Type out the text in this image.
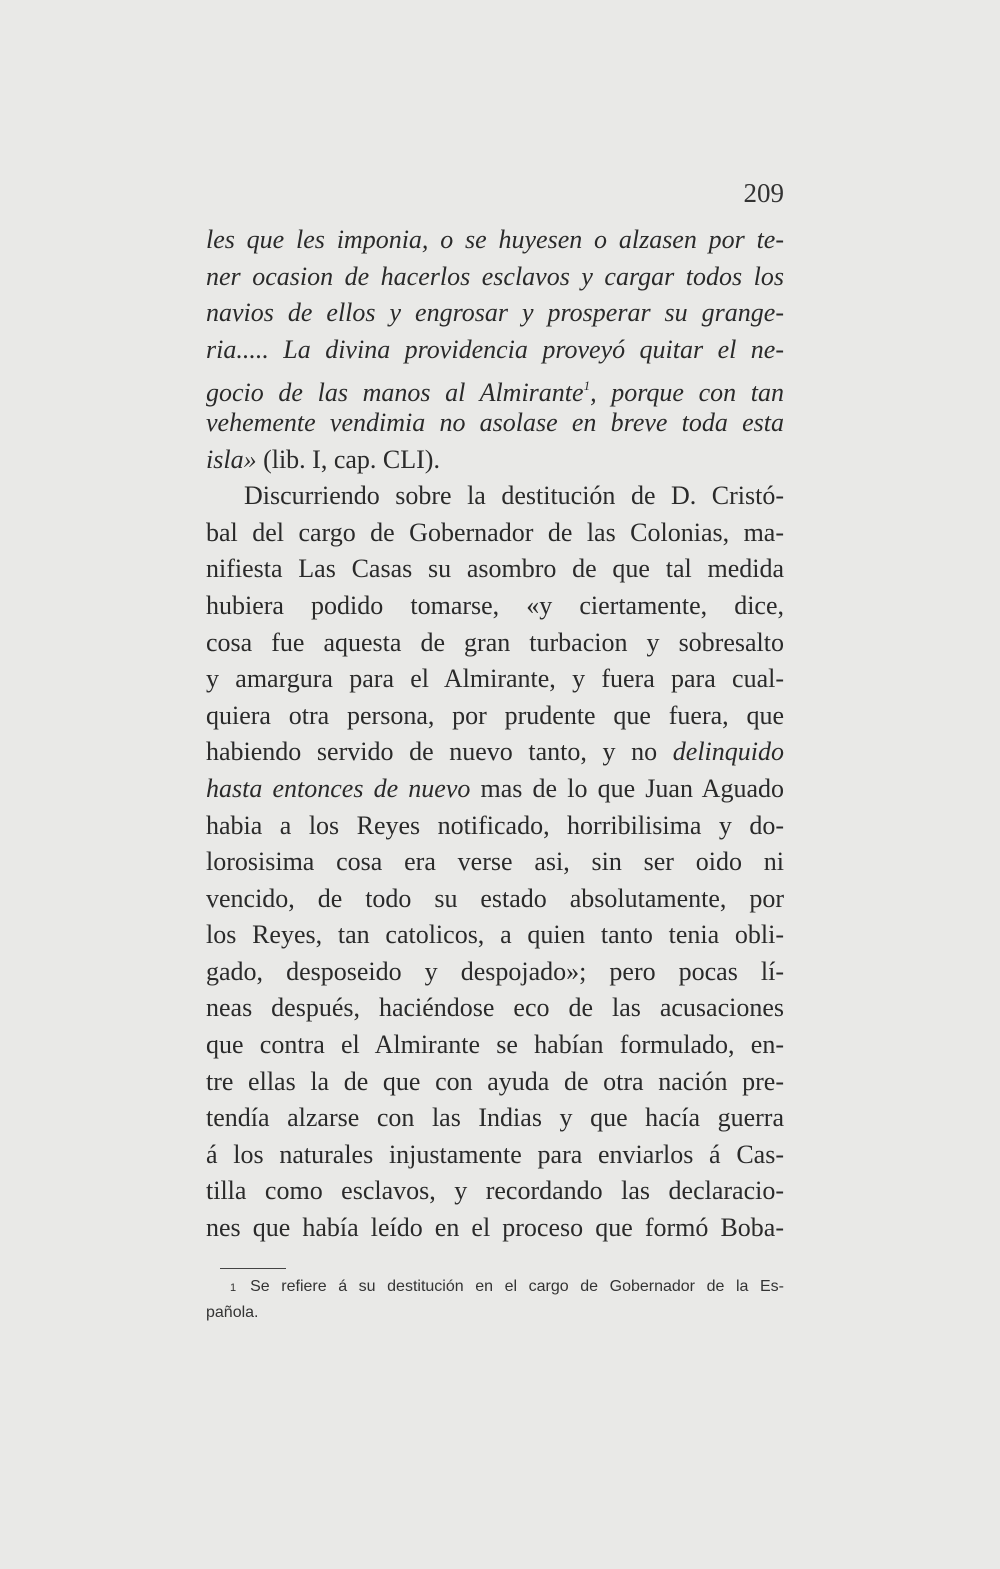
209
les que les imponia, o se huyesen o alzasen por te-
ner ocasion de hacerlos esclavos y cargar todos los
navios de ellos y engrosar y prosperar su grange-
ria..... La divina providencia proveyó quitar el ne-
gocio de las manos al Almirante$^1$, porque con tan
vehemente vendimia no asolase en breve toda esta
isla» (lib. I, cap. CLI).
Discurriendo sobre la destitución de D. Cristó-
bal del cargo de Gobernador de las Colonias, ma-
nifiesta Las Casas su asombro de que tal medida
hubiera podido tomarse, «y ciertamente, dice,
cosa fue aquesta de gran turbacion y sobresalto
y amargura para el Almirante, y fuera para cual-
quiera otra persona, por prudente que fuera, que
habiendo servido de nuevo tanto, y no delinquido
hasta entonces de nuevo mas de lo que Juan Aguado
habia a los Reyes notificado, horribilisima y do-
lorosisima cosa era verse asi, sin ser oido ni
vencido, de todo su estado absolutamente, por
los Reyes, tan catolicos, a quien tanto tenia obli-
gado, desposeido y despojado»; pero pocas lí-
neas después, haciéndose eco de las acusaciones
que contra el Almirante se habían formulado, en-
tre ellas la de que con ayuda de otra nación pre-
tendía alzarse con las Indias y que hacía guerra
á los naturales injustamente para enviarlos á Cas-
tilla como esclavos, y recordando las declaracio-
nes que había leído en el proceso que formó Boba-
1 Se refiere á su destitución en el cargo de Gobernador de la Es-
pañola.
